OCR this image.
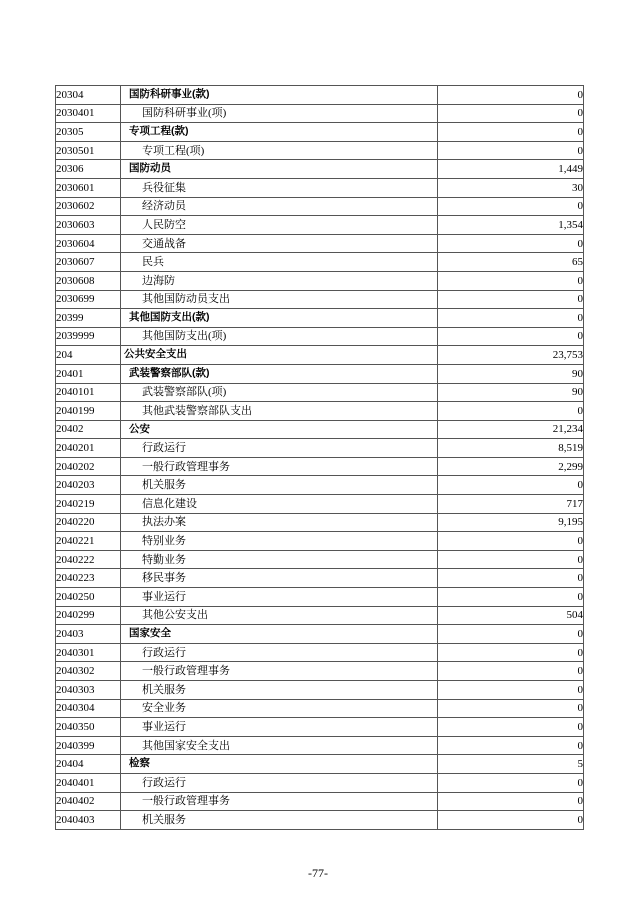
20304	国防科研事业(款)	0
2030401	国防科研事业(项)	0
20305	专项工程(款)	0
2030501	专项工程(项)	0
20306	国防动员	1,449
2030601	兵役征集	30
2030602	经济动员	0
2030603	人民防空	1,354
2030604	交通战备	0
2030607	民兵	65
2030608	边海防	0
2030699	其他国防动员支出	0
20399	其他国防支出(款)	0
2039999	其他国防支出(项)	0
204	公共安全支出	23,753
20401	武装警察部队(款)	90
2040101	武装警察部队(项)	90
2040199	其他武装警察部队支出	0
20402	公安	21,234
2040201	行政运行	8,519
2040202	一般行政管理事务	2,299
2040203	机关服务	0
2040219	信息化建设	717
2040220	执法办案	9,195
2040221	特别业务	0
2040222	特勤业务	0
2040223	移民事务	0
2040250	事业运行	0
2040299	其他公安支出	504
20403	国家安全	0
2040301	行政运行	0
2040302	一般行政管理事务	0
2040303	机关服务	0
2040304	安全业务	0
2040350	事业运行	0
2040399	其他国家安全支出	0
20404	检察	5
2040401	行政运行	0
2040402	一般行政管理事务	0
2040403	机关服务	0
-77-
